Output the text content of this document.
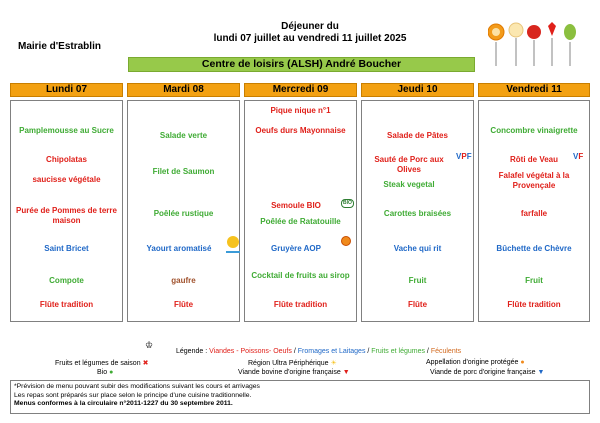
Mairie d'Estrablin
Déjeuner du
lundi 07 juillet au vendredi 11 juillet 2025
Centre de loisirs (ALSH) André Boucher
Lundi 07	Mardi 08	Mercredi 09	Jeudi 10	Vendredi 11
Pamplemousse au Sucre
Chipolatas
saucisse végétale
Purée de Pommes de terre maison
Saint Bricet
Compote
Flûte tradition
Salade verte
Filet de Saumon
Poêlée rustique
Yaourt aromatisé
gaufre
Flûte
Pique nique n°1
Oeufs durs Mayonnaise
Semoule BIO	BIO
Poêlée de Ratatouille
Gruyère AOP
Cocktail de fruits au sirop
Flûte tradition
Salade de Pâtes
Sauté de Porc aux Olives
VPF
Steak vegetal
Carottes braisées
Vache qui rit
Fruit
Flûte
Concombre vinaigrette
VF
Rôti de Veau
Falafel végétal à la Provençale
farfalle
Bûchette de Chèvre
Fruit
Flûte tradition
♔
Légende : Viandes - Poissons- Oeufs / Fromages et Laitages / Fruits et légumes / Féculents
Fruits et légumes de saison ✖	Région Ultra Périphérique ☀	Appellation d'origine protégée ●
Bio ●	Viande bovine d'origine française ▼	Viande de porc d'origine française ▼
*Prévision de menu pouvant subir des modifications suivant les cours et arrivages
Les repas sont préparés sur place selon le principe d'une cuisine traditionnelle.
Menus conformes à la circulaire n°2011-1227 du 30 septembre 2011.
